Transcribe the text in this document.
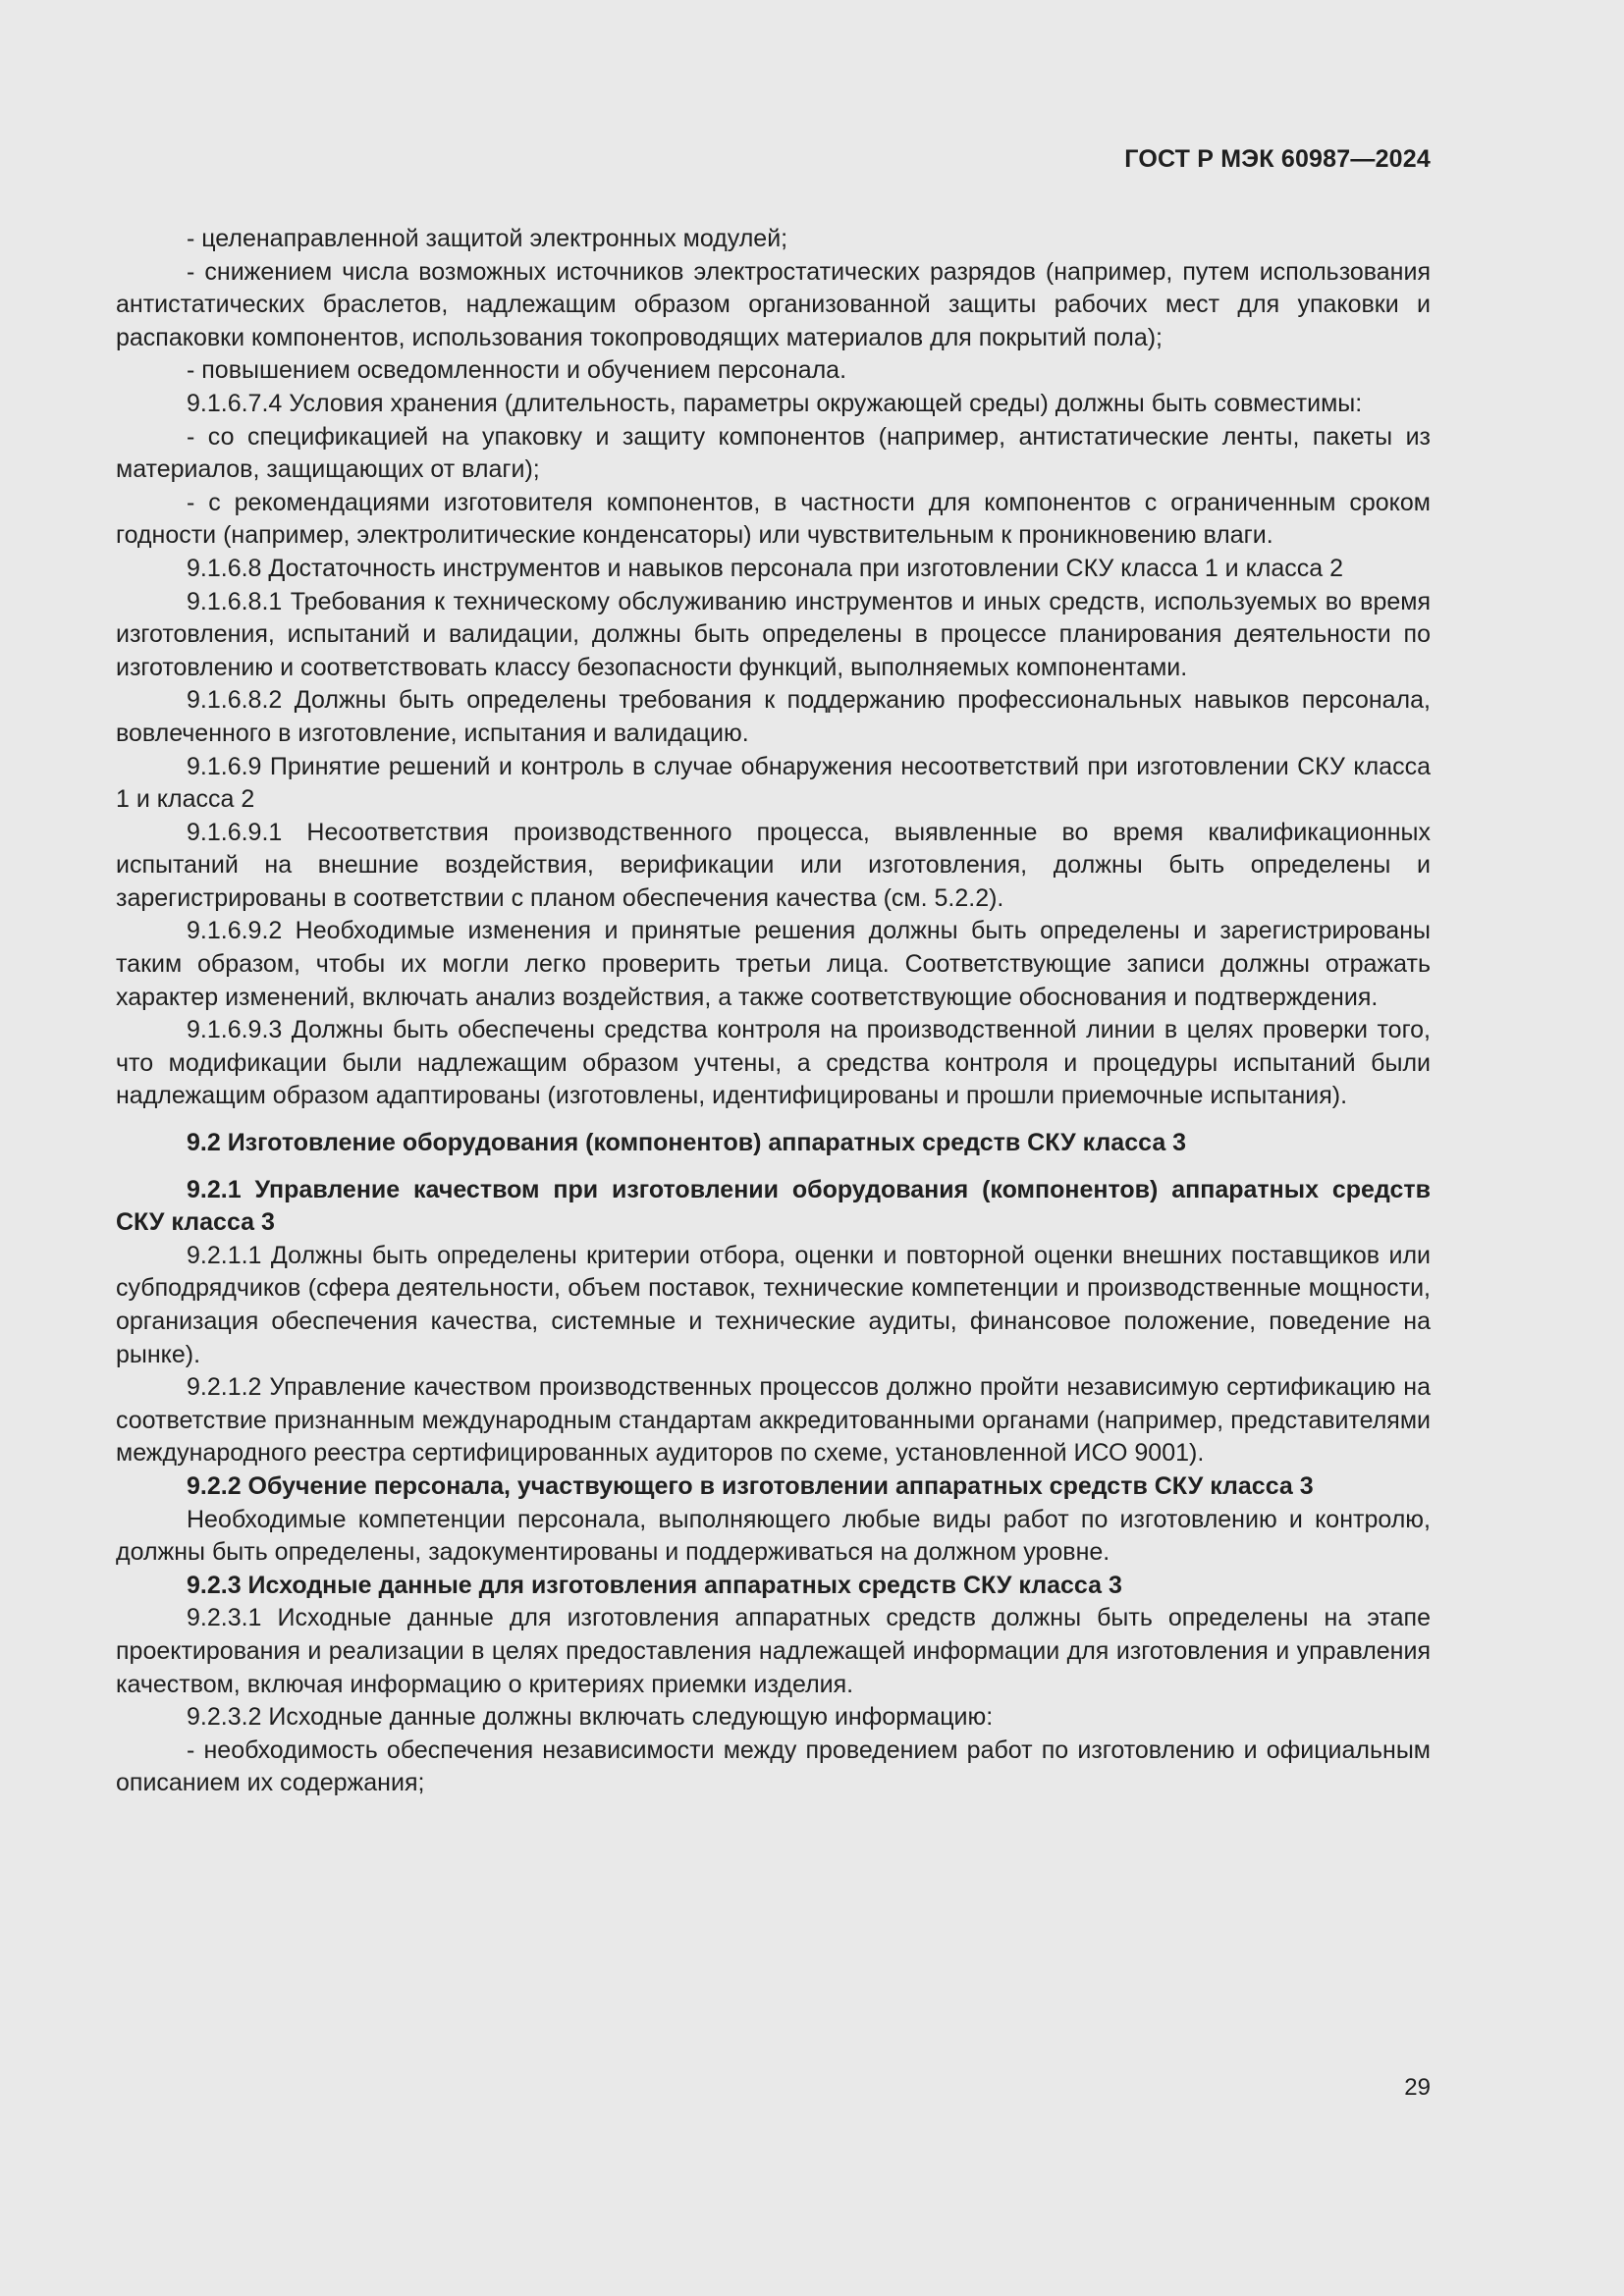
ГОСТ Р МЭК 60987—2024

- целенаправленной защитой электронных модулей;

- снижением числа возможных источников электростатических разрядов (например, путем использования антистатических браслетов, надлежащим образом организованной защиты рабочих мест для упаковки и распаковки компонентов, использования токопроводящих материалов для покрытий пола);

- повышением осведомленности и обучением персонала.

9.1.6.7.4 Условия хранения (длительность, параметры окружающей среды) должны быть совместимы:

- со спецификацией на упаковку и защиту компонентов (например, антистатические ленты, пакеты из материалов, защищающих от влаги);

- с рекомендациями изготовителя компонентов, в частности для компонентов с ограниченным сроком годности (например, электролитические конденсаторы) или чувствительным к проникновению влаги.

9.1.6.8 Достаточность инструментов и навыков персонала при изготовлении СКУ класса 1 и класса 2

9.1.6.8.1 Требования к техническому обслуживанию инструментов и иных средств, используемых во время изготовления, испытаний и валидации, должны быть определены в процессе планирования деятельности по изготовлению и соответствовать классу безопасности функций, выполняемых компонентами.

9.1.6.8.2 Должны быть определены требования к поддержанию профессиональных навыков персонала, вовлеченного в изготовление, испытания и валидацию.

9.1.6.9 Принятие решений и контроль в случае обнаружения несоответствий при изготовлении СКУ класса 1 и класса 2

9.1.6.9.1 Несоответствия производственного процесса, выявленные во время квалификационных испытаний на внешние воздействия, верификации или изготовления, должны быть определены и зарегистрированы в соответствии с планом обеспечения качества (см. 5.2.2).

9.1.6.9.2 Необходимые изменения и принятые решения должны быть определены и зарегистрированы таким образом, чтобы их могли легко проверить третьи лица. Соответствующие записи должны отражать характер изменений, включать анализ воздействия, а также соответствующие обоснования и подтверждения.

9.1.6.9.3 Должны быть обеспечены средства контроля на производственной линии в целях проверки того, что модификации были надлежащим образом учтены, а средства контроля и процедуры испытаний были надлежащим образом адаптированы (изготовлены, идентифицированы и прошли приемочные испытания).

9.2 Изготовление оборудования (компонентов) аппаратных средств СКУ класса 3

9.2.1 Управление качеством при изготовлении оборудования (компонентов) аппаратных средств СКУ класса 3

9.2.1.1 Должны быть определены критерии отбора, оценки и повторной оценки внешних поставщиков или субподрядчиков (сфера деятельности, объем поставок, технические компетенции и производственные мощности, организация обеспечения качества, системные и технические аудиты, финансовое положение, поведение на рынке).

9.2.1.2 Управление качеством производственных процессов должно пройти независимую сертификацию на соответствие признанным международным стандартам аккредитованными органами (например, представителями международного реестра сертифицированных аудиторов по схеме, установленной ИСО 9001).

9.2.2 Обучение персонала, участвующего в изготовлении аппаратных средств СКУ класса 3

Необходимые компетенции персонала, выполняющего любые виды работ по изготовлению и контролю, должны быть определены, задокументированы и поддерживаться на должном уровне.

9.2.3 Исходные данные для изготовления аппаратных средств СКУ класса 3

9.2.3.1 Исходные данные для изготовления аппаратных средств должны быть определены на этапе проектирования и реализации в целях предоставления надлежащей информации для изготовления и управления качеством, включая информацию о критериях приемки изделия.

9.2.3.2 Исходные данные должны включать следующую информацию:

- необходимость обеспечения независимости между проведением работ по изготовлению и официальным описанием их содержания;

29
